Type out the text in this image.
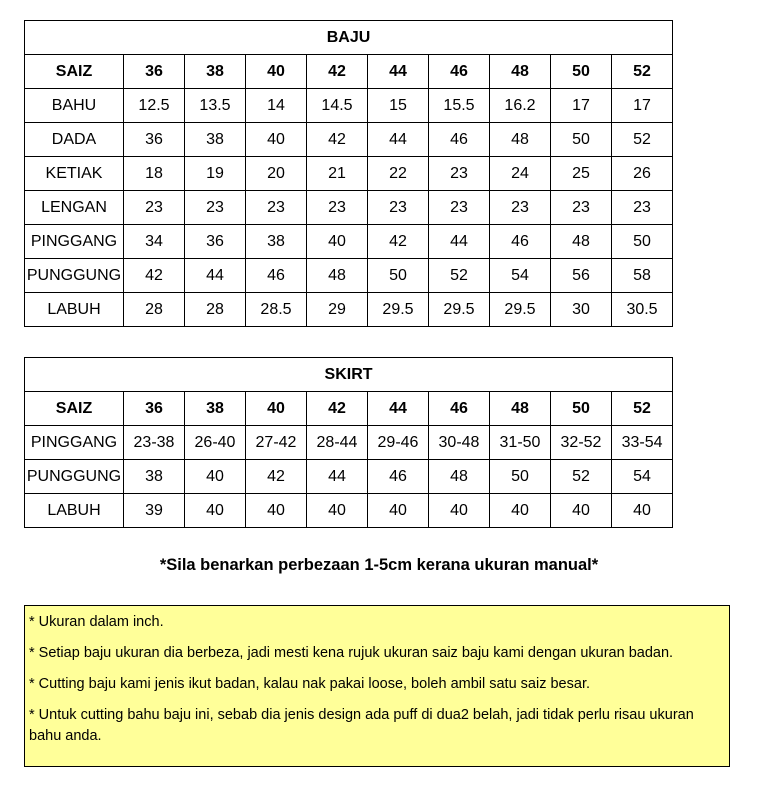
BAJU									
SAIZ	36	38	40	42	44	46	48	50	52
BAHU	12.5	13.5	14	14.5	15	15.5	16.2	17	17
DADA	36	38	40	42	44	46	48	50	52
KETIAK	18	19	20	21	22	23	24	25	26
LENGAN	23	23	23	23	23	23	23	23	23
PINGGANG	34	36	38	40	42	44	46	48	50
PUNGGUNG	42	44	46	48	50	52	54	56	58
LABUH	28	28	28.5	29	29.5	29.5	29.5	30	30.5
SKIRT									
SAIZ	36	38	40	42	44	46	48	50	52
PINGGANG	23-38	26-40	27-42	28-44	29-46	30-48	31-50	32-52	33-54
PUNGGUNG	38	40	42	44	46	48	50	52	54
LABUH	39	40	40	40	40	40	40	40	40
*Sila benarkan perbezaan 1-5cm kerana ukuran manual*

* Ukuran dalam inch.

* Setiap baju ukuran dia berbeza, jadi mesti kena rujuk ukuran saiz baju kami dengan ukuran badan.

* Cutting baju kami jenis ikut badan, kalau nak pakai loose, boleh ambil satu saiz besar.

* Untuk cutting bahu baju ini, sebab dia jenis design ada puff di dua2 belah, jadi tidak perlu risau ukuran bahu anda.
